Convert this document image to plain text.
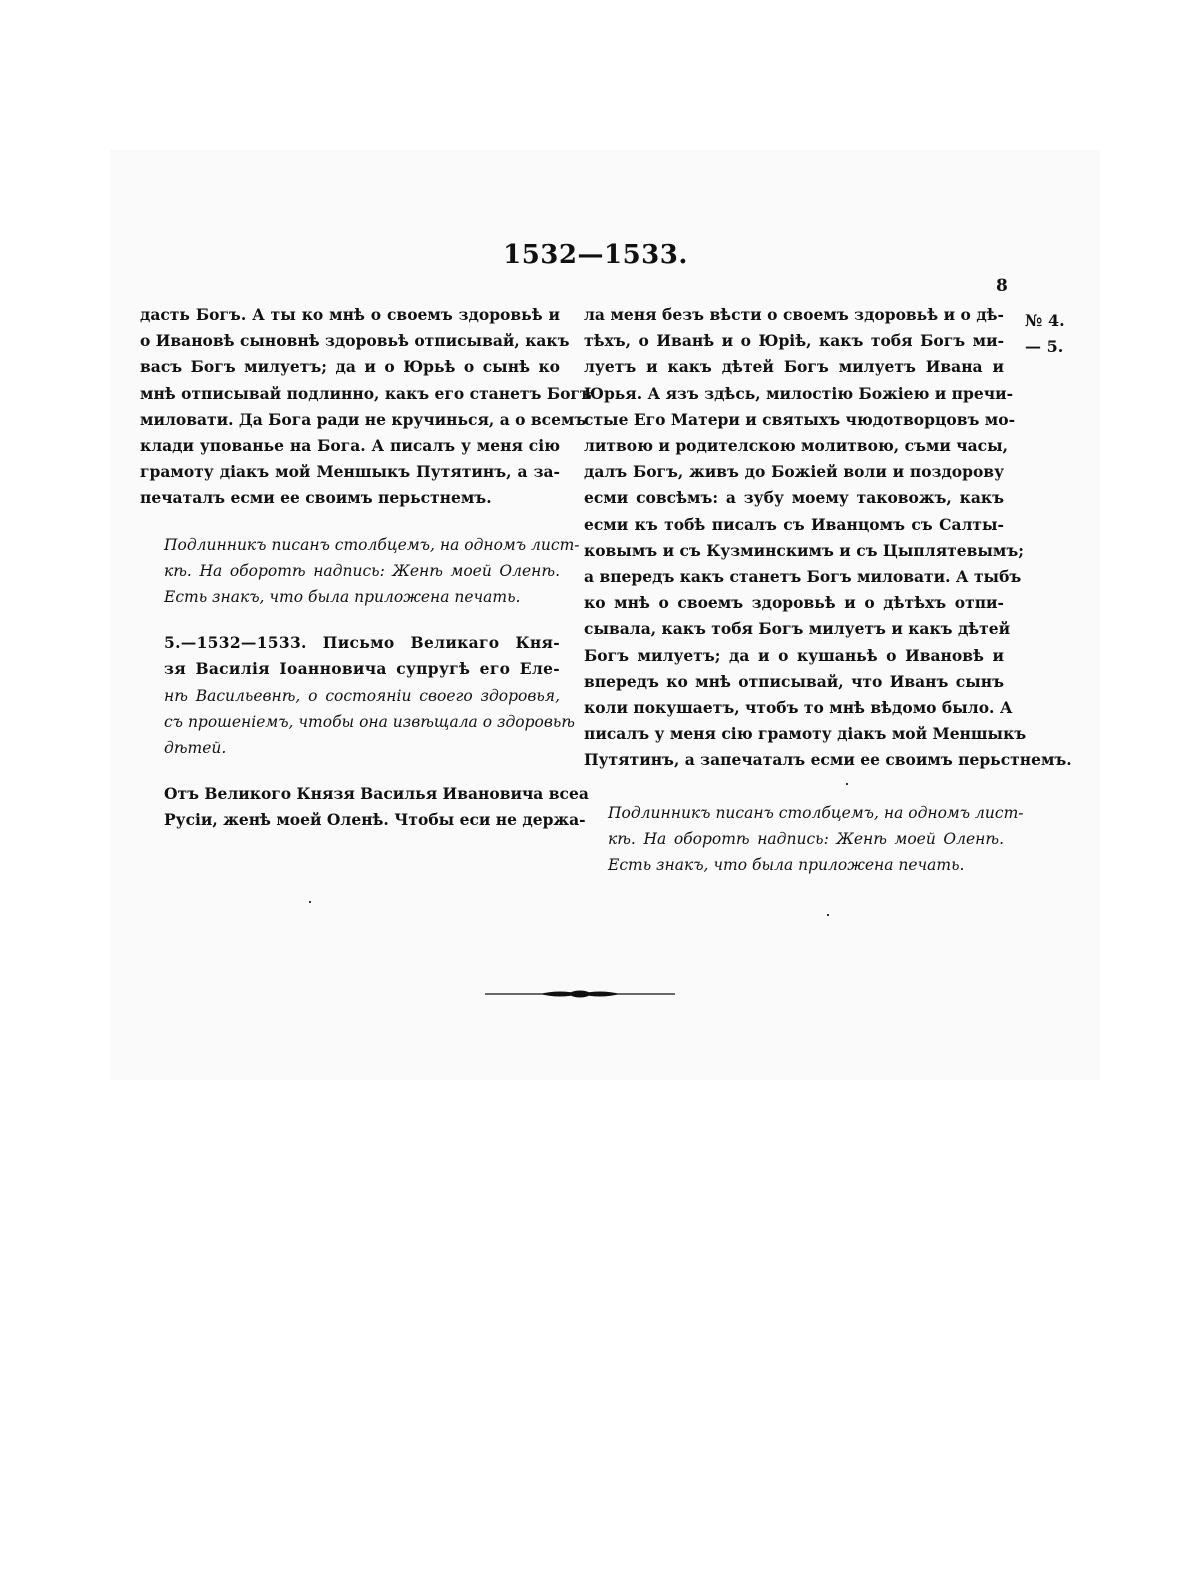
1532—1533.
8
№ 4.
— 5.
дасть Богъ. А ты ко мнѣ о своемъ здоровьѣ и
о Ивановѣ сыновнѣ здоровьѣ отписывай, какъ
васъ Богъ милуетъ; да и о Юрьѣ о сынѣ ко
мнѣ отписывай подлинно, какъ его станетъ Богъ
миловати. Да Бога ради не кручинься, а о всемъ
клади упованье на Бога. А писалъ у меня сію
грамоту діакъ мой Меншыкъ Путятинъ, а за-
печаталъ есми ее своимъ перьстнемъ.
Подлинникъ писанъ столбцемъ, на одномъ лист-
кѣ. На оборотѣ надпись: Женѣ моей Оленѣ.
Есть знакъ, что была приложена печать.
5.—1532—1533. Письмо Великаго Кня-
зя Василія Іоанновича супругѣ его Еле-
нѣ Васильевнѣ, о состояніи своего здоровья,
съ прошеніемъ, чтобы она извѣщала о здоровьѣ
дѣтей.
Отъ Великого Князя Василья Ивановича всеа
Русіи, женѣ моей Оленѣ. Чтобы еси не держа-
ла меня безъ вѣсти о своемъ здоровьѣ и о дѣ-
тѣхъ, о Иванѣ и о Юріѣ, какъ тобя Богъ ми-
луетъ и какъ дѣтей Богъ милуетъ Ивана и
Юрья. А язъ здѣсь, милостію Божіею и пречи-
стые Его Матери и святыхъ чюдотворцовъ мо-
литвою и родителскою молитвою, съми часы,
далъ Богъ, живъ до Божіей воли и поздорову
есми совсѣмъ: а зубу моему таковожъ, какъ
есми къ тобѣ писалъ съ Иванцомъ съ Салты-
ковымъ и съ Кузминскимъ и съ Цыплятевымъ;
а впередъ какъ станетъ Богъ миловати. А тыбъ
ко мнѣ о своемъ здоровьѣ и о дѣтѣхъ отпи-
сывала, какъ тобя Богъ милуетъ и какъ дѣтей
Богъ милуетъ; да и о кушаньѣ о Ивановѣ и
впередъ ко мнѣ отписывай, что Иванъ сынъ
коли покушаетъ, чтобъ то мнѣ вѣдомо было. А
писалъ у меня сію грамоту діакъ мой Меншыкъ
Путятинъ, а запечаталъ есми ее своимъ перьстнемъ.
Подлинникъ писанъ столбцемъ, на одномъ лист-
кѣ. На оборотѣ надпись: Женѣ моей Оленѣ.
Есть знакъ, что была приложена печать.
